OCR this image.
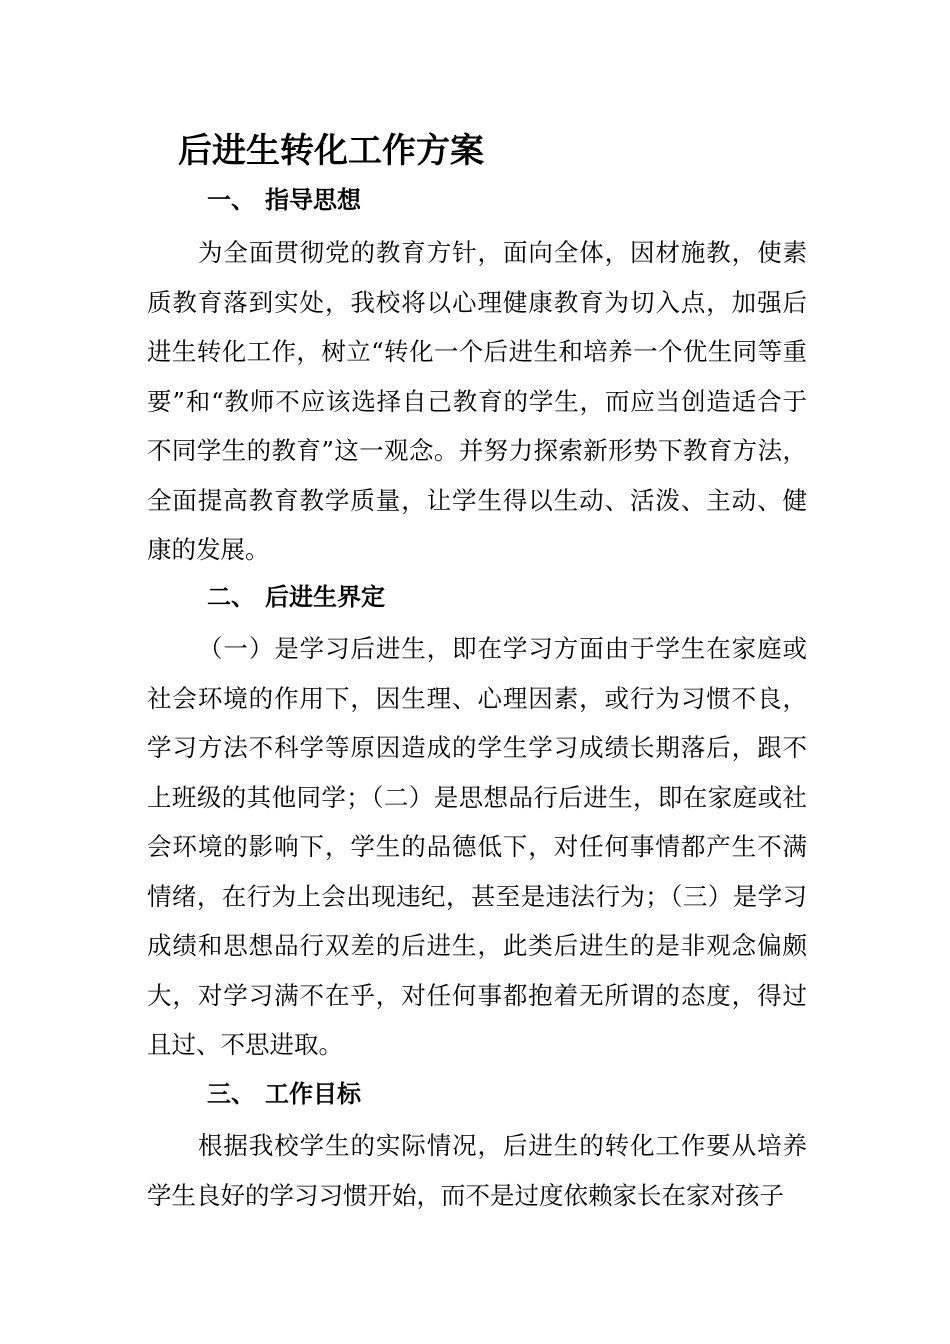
后进生转化工作方案
一、 指导思想

为全面贯彻党的教育方针，面向全体，因材施教，使素质教育落到实处，我校将以心理健康教育为切入点，加强后进生转化工作，树立“转化一个后进生和培养一个优生同等重要”和“教师不应该选择自己教育的学生，而应当创造适合于不同学生的教育”这一观念。并努力探索新形势下教育方法，全面提高教育教学质量，让学生得以生动、活泼、主动、健康的发展。

二、 后进生界定

（一）是学习后进生，即在学习方面由于学生在家庭或社会环境的作用下，因生理、心理因素，或行为习惯不良，学习方法不科学等原因造成的学生学习成绩长期落后，跟不上班级的其他同学；（二）是思想品行后进生，即在家庭或社会环境的影响下，学生的品德低下，对任何事情都产生不满情绪，在行为上会出现违纪，甚至是违法行为；（三）是学习成绩和思想品行双差的后进生，此类后进生的是非观念偏颇大，对学习满不在乎，对任何事都抱着无所谓的态度，得过且过、不思进取。

三、 工作目标

根据我校学生的实际情况，后进生的转化工作要从培养学生良好的学习习惯开始，而不是过度依赖家长在家对孩子
